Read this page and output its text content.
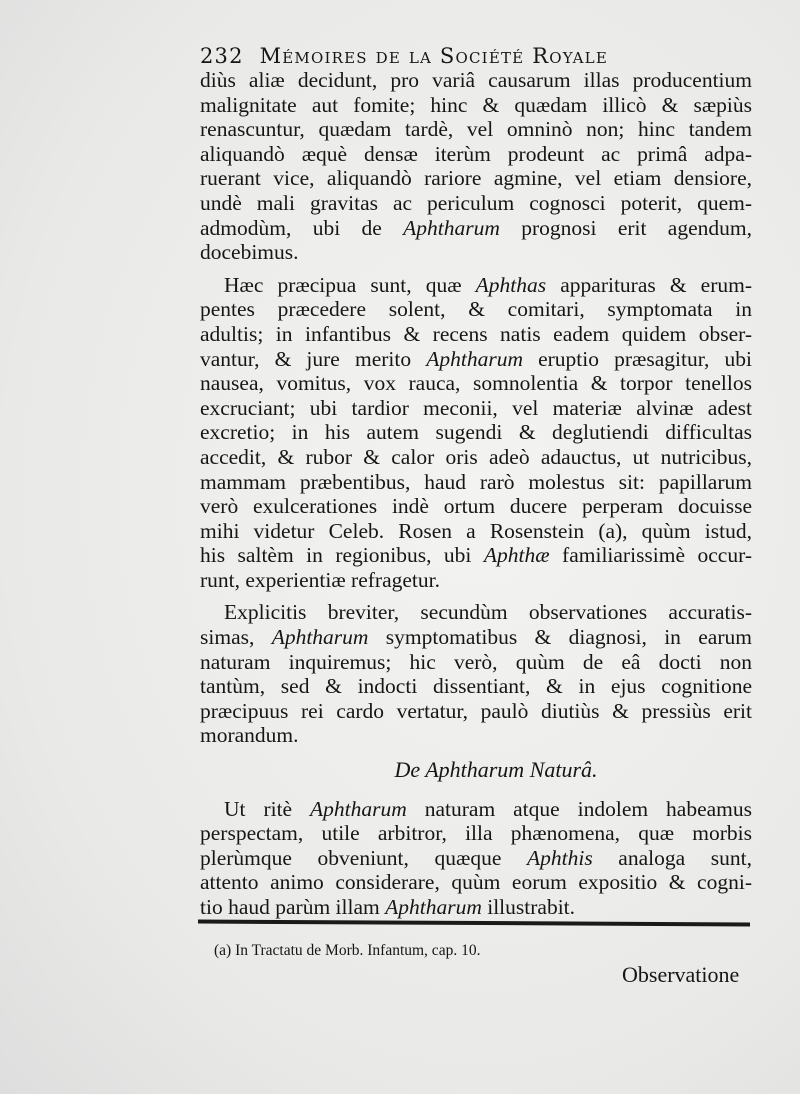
232 Mémoires de la Société Royale

diùs aliæ decidunt, pro variâ causarum illas producentium
malignitate aut fomite; hinc & quædam illicò & sæpiùs
renascuntur, quædam tardè, vel omninò non; hinc tandem
aliquandò æquè densæ iterùm prodeunt ac primâ adpa-
ruerant vice, aliquandò rariore agmine, vel etiam densiore,
undè mali gravitas ac periculum cognosci poterit, quem-
admodùm, ubi de Aphtharum prognosi erit agendum,
docebimus.

Hæc præcipua sunt, quæ Aphthas apparituras & erum-
pentes præcedere solent, & comitari, symptomata in
adultis; in infantibus & recens natis eadem quidem obser-
vantur, & jure merito Aphtharum eruptio præsagitur, ubi
nausea, vomitus, vox rauca, somnolentia & torpor tenellos
excruciant; ubi tardior meconii, vel materiæ alvinæ adest
excretio; in his autem sugendi & deglutiendi difficultas
accedit, & rubor & calor oris adeò adauctus, ut nutricibus,
mammam præbentibus, haud rarò molestus sit: papillarum
verò exulcerationes indè ortum ducere perperam docuisse
mihi videtur Celeb. Rosen a Rosenstein (a), quùm istud,
his saltèm in regionibus, ubi Aphthæ familiarissimè occur-
runt, experientiæ refragetur.

Explicitis breviter, secundùm observationes accuratis-
simas, Aphtharum symptomatibus & diagnosi, in earum
naturam inquiremus; hic verò, quùm de eâ docti non
tantùm, sed & indocti dissentiant, & in ejus cognitione
præcipuus rei cardo vertatur, paulò diutiùs & pressiùs erit
morandum.

De Aphtharum Naturâ.

Ut ritè Aphtharum naturam atque indolem habeamus
perspectam, utile arbitror, illa phænomena, quæ morbis
plerùmque obveniunt, quæque Aphthis analoga sunt,
attento animo considerare, quùm eorum expositio & cogni-
tio haud parùm illam Aphtharum illustrabit.

(a) In Tractatu de Morb. Infantum, cap. 10.
Observatione
